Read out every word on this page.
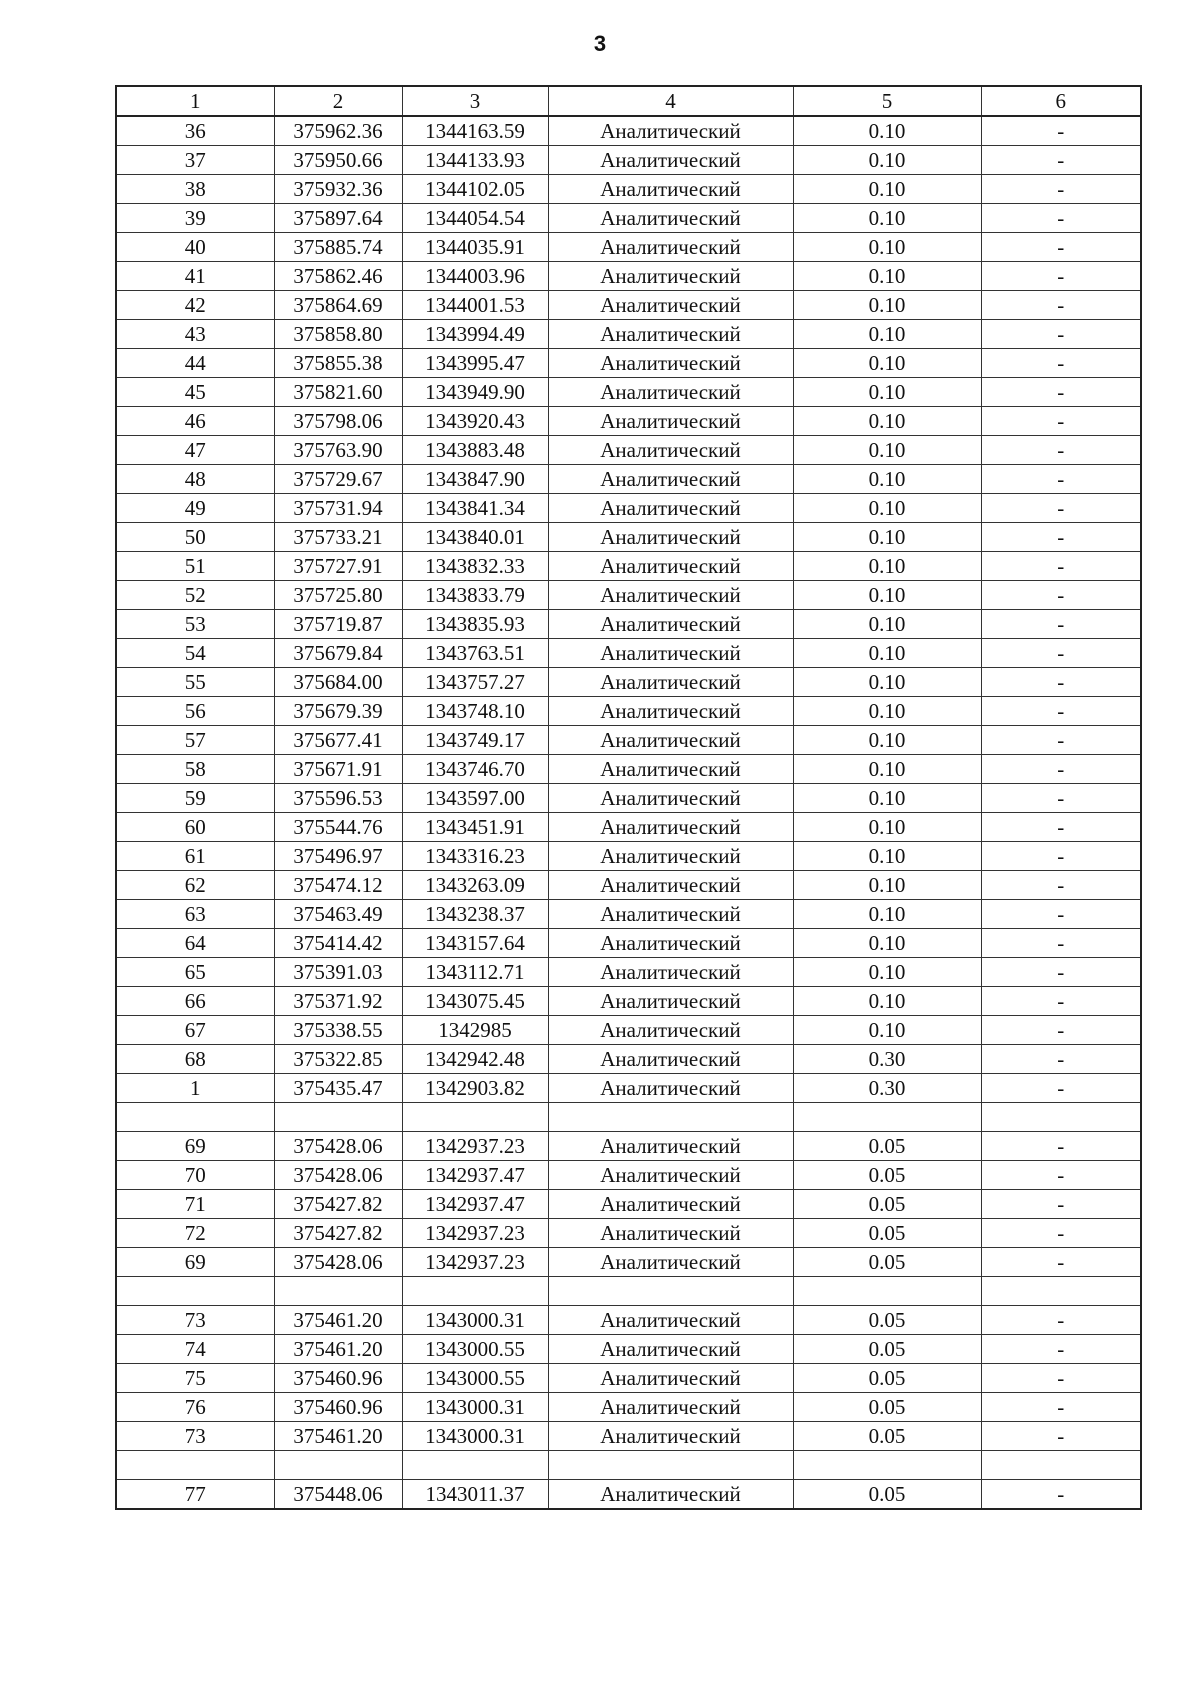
3
1	2	3	4	5	6
36	375962.36	1344163.59	Аналитический	0.10	-
37	375950.66	1344133.93	Аналитический	0.10	-
38	375932.36	1344102.05	Аналитический	0.10	-
39	375897.64	1344054.54	Аналитический	0.10	-
40	375885.74	1344035.91	Аналитический	0.10	-
41	375862.46	1344003.96	Аналитический	0.10	-
42	375864.69	1344001.53	Аналитический	0.10	-
43	375858.80	1343994.49	Аналитический	0.10	-
44	375855.38	1343995.47	Аналитический	0.10	-
45	375821.60	1343949.90	Аналитический	0.10	-
46	375798.06	1343920.43	Аналитический	0.10	-
47	375763.90	1343883.48	Аналитический	0.10	-
48	375729.67	1343847.90	Аналитический	0.10	-
49	375731.94	1343841.34	Аналитический	0.10	-
50	375733.21	1343840.01	Аналитический	0.10	-
51	375727.91	1343832.33	Аналитический	0.10	-
52	375725.80	1343833.79	Аналитический	0.10	-
53	375719.87	1343835.93	Аналитический	0.10	-
54	375679.84	1343763.51	Аналитический	0.10	-
55	375684.00	1343757.27	Аналитический	0.10	-
56	375679.39	1343748.10	Аналитический	0.10	-
57	375677.41	1343749.17	Аналитический	0.10	-
58	375671.91	1343746.70	Аналитический	0.10	-
59	375596.53	1343597.00	Аналитический	0.10	-
60	375544.76	1343451.91	Аналитический	0.10	-
61	375496.97	1343316.23	Аналитический	0.10	-
62	375474.12	1343263.09	Аналитический	0.10	-
63	375463.49	1343238.37	Аналитический	0.10	-
64	375414.42	1343157.64	Аналитический	0.10	-
65	375391.03	1343112.71	Аналитический	0.10	-
66	375371.92	1343075.45	Аналитический	0.10	-
67	375338.55	1342985	Аналитический	0.10	-
68	375322.85	1342942.48	Аналитический	0.30	-
1	375435.47	1342903.82	Аналитический	0.30	-

69	375428.06	1342937.23	Аналитический	0.05	-
70	375428.06	1342937.47	Аналитический	0.05	-
71	375427.82	1342937.47	Аналитический	0.05	-
72	375427.82	1342937.23	Аналитический	0.05	-
69	375428.06	1342937.23	Аналитический	0.05	-

73	375461.20	1343000.31	Аналитический	0.05	-
74	375461.20	1343000.55	Аналитический	0.05	-
75	375460.96	1343000.55	Аналитический	0.05	-
76	375460.96	1343000.31	Аналитический	0.05	-
73	375461.20	1343000.31	Аналитический	0.05	-

77	375448.06	1343011.37	Аналитический	0.05	-
